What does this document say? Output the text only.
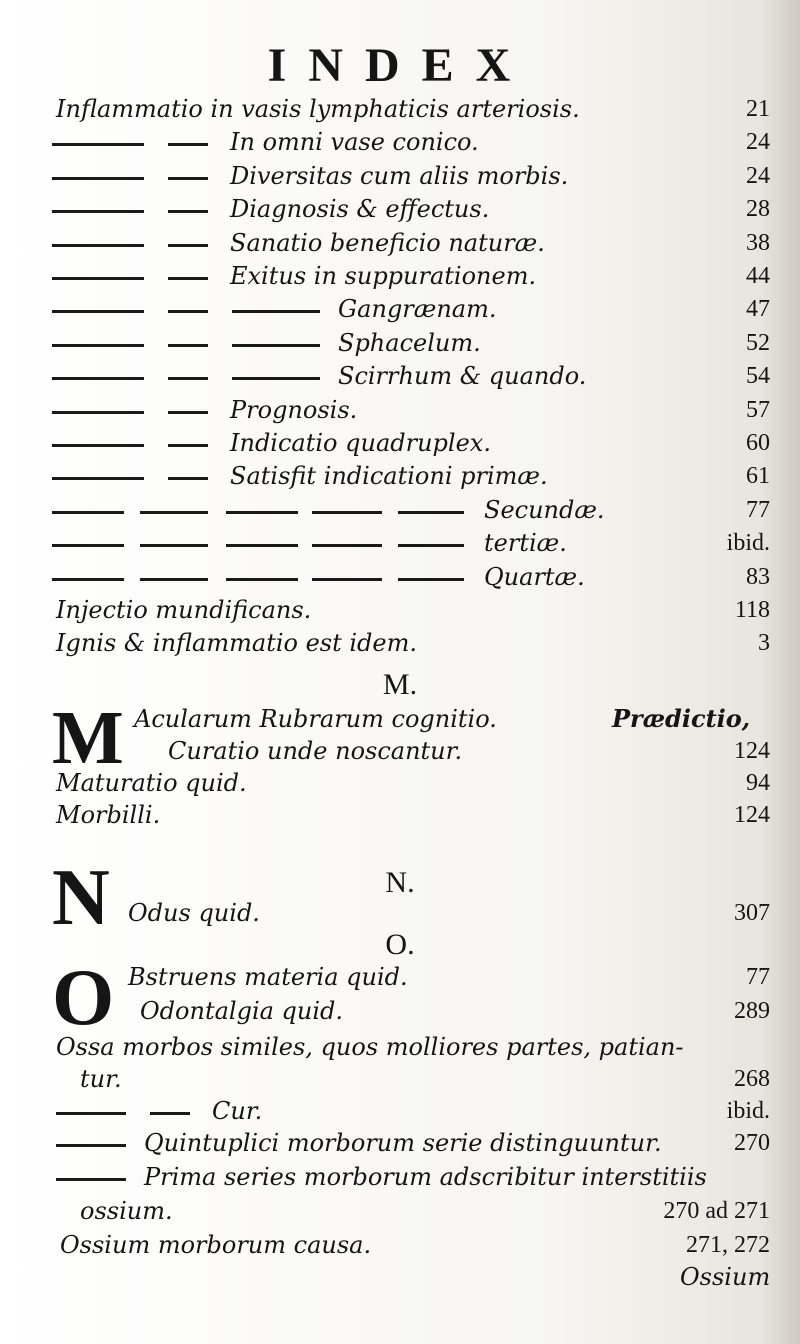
INDEX
Inflammatio in vasis lymphaticis arteriosis.	21
In omni vase conico.	24
Diversitas cum aliis morbis.	24
Diagnosis & effectus.	28
Sanatio beneficio naturæ.	38
Exitus in suppurationem.	44
Gangrænam.	47
Sphacelum.	52
Scirrhum & quando.	54
Prognosis.	57
Indicatio quadruplex.	60
Satisfit indicationi primæ.	61
Secundæ.	77
tertiæ.	ibid.
Quartæ.	83
Injectio mundificans.	118
Ignis & inflammatio est idem.	3
M.
M Acularum Rubrarum cognitio.	Prædictio,
Curatio unde noscantur.	124
Maturatio quid.	94
Morbilli.	124
N.
N Odus quid.	307
O.
O Bstruens materia quid.	77
Odontalgia quid.	289
Ossa morbos similes, quos molliores partes, patian-
tur.	268
Cur.	ibid.
Quintuplici morborum serie distinguuntur.	270
Prima series morborum adscribitur interstitiis
ossium.	270 ad 271
Ossium morborum causa.	271, 272
Ossium
